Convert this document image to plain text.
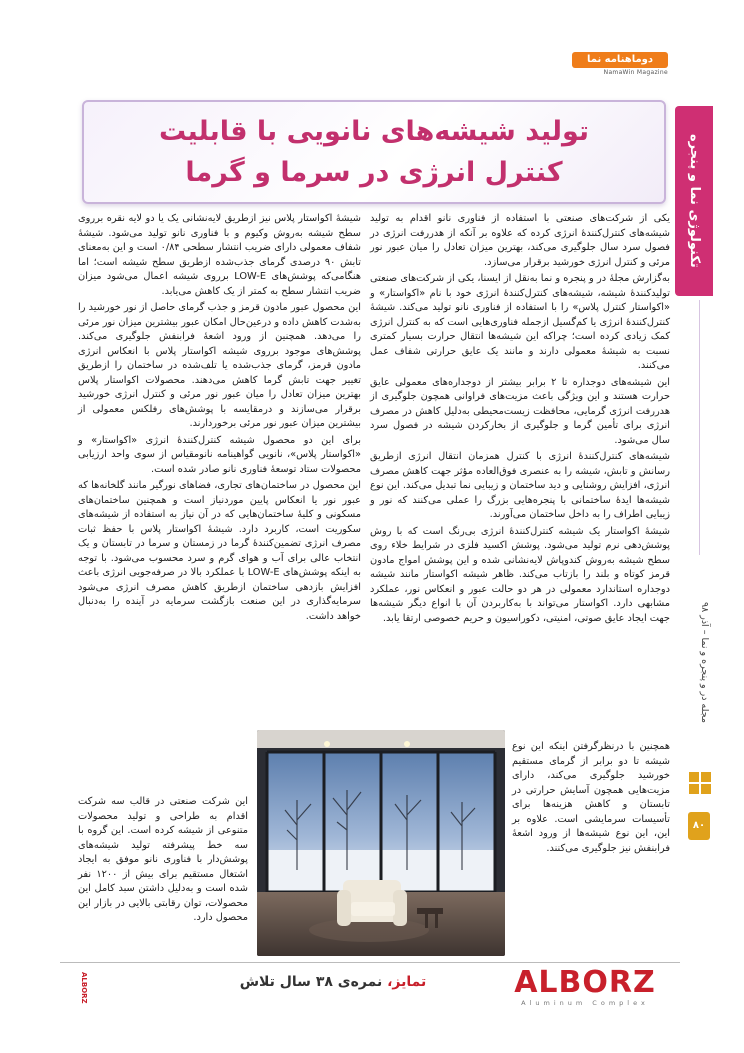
دوماهنامه نما
NamaWin Magazine
تولید شیشه‌های نانویی با قابلیت
کنترل انرژی در سرما و گرما	تکنولوژی نما و پنجره
مجله در و پنجره و نما – آذر ۹۸
۸۰

یکی از شرکت‌های صنعتی با استفاده از فناوری نانو اقدام به تولید شیشه‌های کنترل‌کنندهٔ انرژی کرده که علاوه بر آنکه از هدررفت انرژی در فصول سرد سال جلوگیری می‌کند، بهترین میزان تعادل را میان عبور نور مرئی و کنترل انرژی خورشید برقرار می‌سازد.

به‌گزارش مجلهٔ در و پنجره و نما به‌نقل از ایسنا، یکی از شرکت‌های صنعتی تولیدکنندهٔ شیشه، شیشه‌های کنترل‌کنندهٔ انرژی خود با نام «اکواستار» و «اکواستار کنترل پلاس» را با استفاده از فناوری نانو تولید می‌کند. شیشهٔ کنترل‌کنندهٔ انرژی یا کم‌گسیل از‌جمله فناوری‌هایی است که به کنترل انرژی کمک زیادی کرده است؛ چراکه این شیشه‌ها انتقال حرارت بسیار کمتری نسبت به شیشهٔ معمولی دارند و مانند یک عایق حرارتی شفاف عمل می‌کنند.

این شیشه‌های دوجداره تا ۲ برابر بیشتر از دوجداره‌های معمولی عایق حرارت هستند و این ویژگی باعث مزیت‌های فراوانی همچون جلوگیری از هدررفت انرژی گرمایی، محافظت زیست‌محیطی به‌دلیل کاهش در مصرف انرژی برای تأمین گرما و جلوگیری از بخارکردن شیشه در فصول سرد سال می‌شود.

شیشه‌های کنترل‌کنندهٔ انرژی با کنترل همزمان انتقال انرژی ازطریق رسانش و تابش، شیشه را به عنصری فوق‌العاده مؤثر جهت کاهش مصرف انرژی، افزایش روشنایی و دید ساختمان و زیبایی نما تبدیل می‌کند. این نوع شیشه‌ها ایدهٔ ساختمانی با پنجره‌هایی بزرگ را عملی می‌کنند که نور و زیبایی اطراف را به داخل ساختمان می‌آورند.

شیشهٔ اکواستار یک شیشه کنترل‌کنندهٔ انرژی بی‌رنگ است که با روش پوشش‌دهی نرم تولید می‌شود. پوشش اکسید فلزی در شرایط خلاء روی سطح شیشه به‌روش کندوپاش لایه‌نشانی شده و این پوشش امواج مادون قرمز کوتاه و بلند را بازتاب می‌کند. ظاهر شیشه اکواستار مانند شیشه دوجداره استاندارد معمولی در هر دو حالت عبور و انعکاس نور، عملکرد مشابهی دارد. اکواستار می‌تواند با به‌کاربردن آن با انواع دیگر شیشه‌ها جهت ایجاد عایق صوتی، امنیتی، دکوراسیون و حریم خصوصی ارتقا یابد.

همچنین با درنظرگرفتن اینکه این نوع شیشه تا دو برابر از گرمای مستقیم خورشید جلوگیری می‌کند، دارای مزیت‌هایی همچون آسایش حرارتی در تابستان و کاهش هزینه‌ها برای تأسیسات سرمایشی است. علاوه بر این، این نوع شیشه‌ها از ورود اشعهٔ فرابنفش نیز جلوگیری می‌کنند.

شیشهٔ اکواستار پلاس نیز ازطریق لایه‌نشانی یک یا دو لایه نقره برروی سطح شیشه به‌روش وکیوم و با فناوری نانو تولید می‌شود. شیشهٔ شفاف معمولی دارای ضریب انتشار سطحی ۰/۸۴ است و این به‌معنای تابش ۹۰ درصدی گرمای جذب‌شده ازطریق سطح شیشه است؛ اما هنگامی‌که پوشش‌های LOW-E برروی شیشه اعمال می‌شود میزان ضریب انتشار سطح به کمتر از یک کاهش می‌یابد.

این محصول عبور مادون قرمز و جذب گرمای حاصل از نور خورشید را به‌شدت کاهش داده و درعین‌حال امکان عبور بیشترین میزان نور مرئی را می‌دهد. همچنین از ورود اشعهٔ فرابنفش جلوگیری می‌کند. پوشش‌های موجود برروی شیشه اکواستار پلاس با انعکاس انرژی مادون قرمز، گرمای جذب‌شده یا تلف‌شده در ساختمان را ازطریق تغییر جهت تابش گرما کاهش می‌دهند. محصولات اکواستار پلاس بهترین میزان تعادل را میان عبور نور مرئی و کنترل انرژی خورشید برقرار می‌سازند و درمقایسه با پوشش‌های رفلکس معمولی از بیشترین میزان عبور نور مرئی برخوردارند.

برای این دو محصول شیشه کنترل‌کنندهٔ انرژی «اکواستار» و «اکواستار پلاس»، نانویی گواهینامه نانومقیاس از سوی واحد ارزیابی محصولات ستاد توسعهٔ فناوری نانو صادر شده است.

این محصول در ساختمان‌های تجاری، فضاهای نورگیر مانند گلخانه‌ها که عبور نور یا انعکاس پایین موردنیاز است و همچنین ساختمان‌های مسکونی و کلیهٔ ساختمان‌هایی که در آن نیاز به استفاده از شیشه‌های سکوریت است، کاربرد دارد. شیشهٔ اکواستار پلاس با حفظ ثبات مصرف انرژی تضمین‌کنندهٔ گرما در زمستان و سرما در تابستان و یک انتخاب عالی برای آب و هوای گرم و سرد محسوب می‌شود. با توجه به اینکه پوشش‌های LOW-E با عملکرد بالا در صرفه‌جویی انرژی باعث افزایش بازدهی ساختمان ازطریق کاهش مصرف انرژی می‌شود سرمایه‌گذاری در این صنعت بازگشت سرمایه در آینده را به‌دنبال خواهد داشت.

این شرکت صنعتی در قالب سه شرکت اقدام به طراحی و تولید محصولات متنوعی از شیشه کرده است. این گروه با سه خط پیشرفته تولید شیشه‌های پوشش‌دار با فناوری نانو موفق به ایجاد اشتغال مستقیم برای بیش از ۱۲۰۰ نفر شده است و به‌دلیل داشتن سبد کامل این محصولات، توان رقابتی بالایی در بازار این محصول دارد.

ALBORZ
Aluminum Complex
تمایز، نمره‌ی ۳۸ سال تلاش
ALBORZ
